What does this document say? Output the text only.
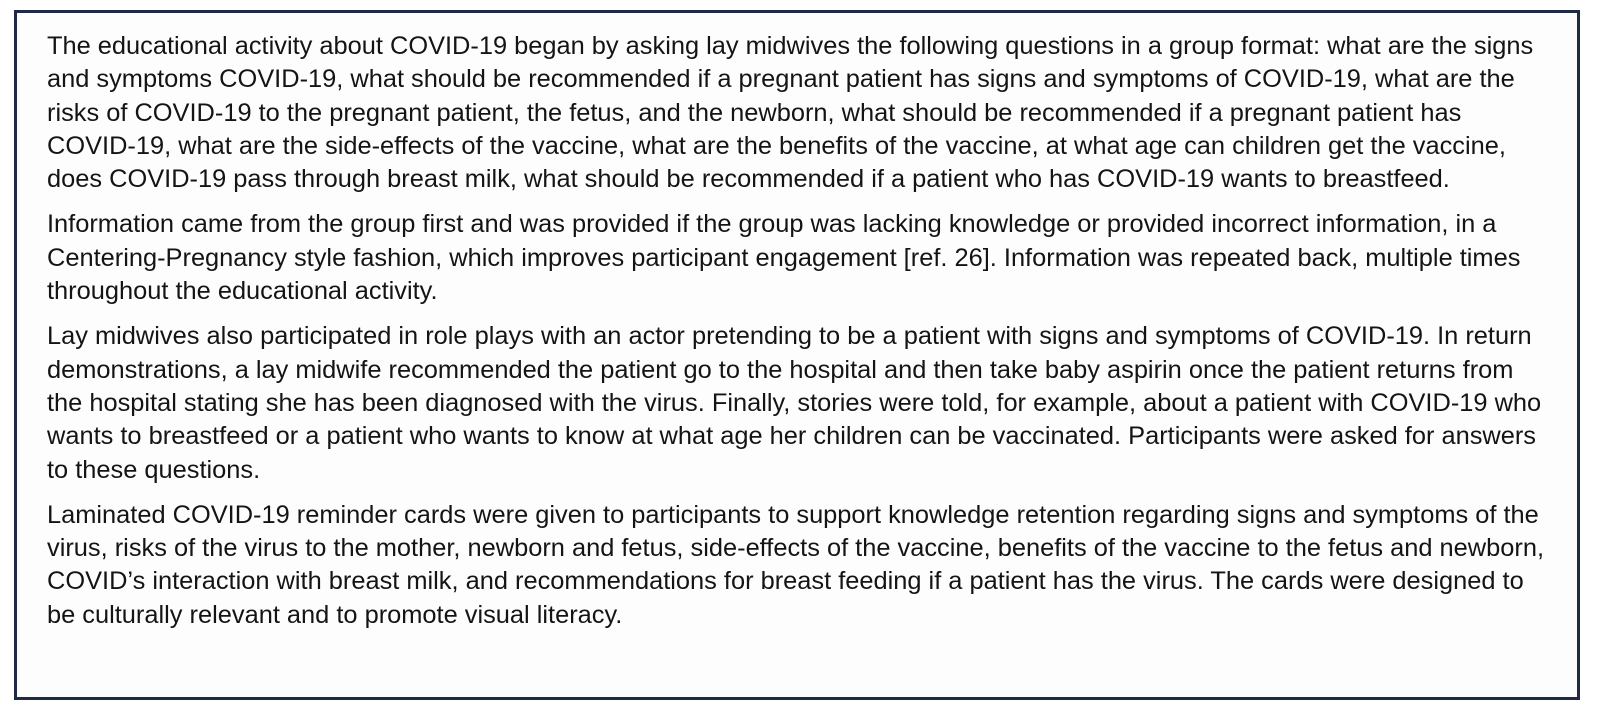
The educational activity about COVID-19 began by asking lay midwives the following questions in a group format: what are the signs and symptoms COVID-19, what should be recommended if a pregnant patient has signs and symptoms of COVID-19, what are the risks of COVID-19 to the pregnant patient, the fetus, and the newborn, what should be recommended if a pregnant patient has COVID-19, what are the side-effects of the vaccine, what are the benefits of the vaccine, at what age can children get the vaccine, does COVID-19 pass through breast milk, what should be recommended if a patient who has COVID-19 wants to breastfeed.

Information came from the group first and was provided if the group was lacking knowledge or provided incorrect information, in a Centering-Pregnancy style fashion, which improves participant engagement [ref. 26]. Information was repeated back, multiple times throughout the educational activity.

Lay midwives also participated in role plays with an actor pretending to be a patient with signs and symptoms of COVID-19. In return demonstrations, a lay midwife recommended the patient go to the hospital and then take baby aspirin once the patient returns from the hospital stating she has been diagnosed with the virus. Finally, stories were told, for example, about a patient with COVID-19 who wants to breastfeed or a patient who wants to know at what age her children can be vaccinated. Participants were asked for answers to these questions.

Laminated COVID-19 reminder cards were given to participants to support knowledge retention regarding signs and symptoms of the virus, risks of the virus to the mother, newborn and fetus, side-effects of the vaccine, benefits of the vaccine to the fetus and newborn, COVID’s interaction with breast milk, and recommendations for breast feeding if a patient has the virus. The cards were designed to be culturally relevant and to promote visual literacy.
